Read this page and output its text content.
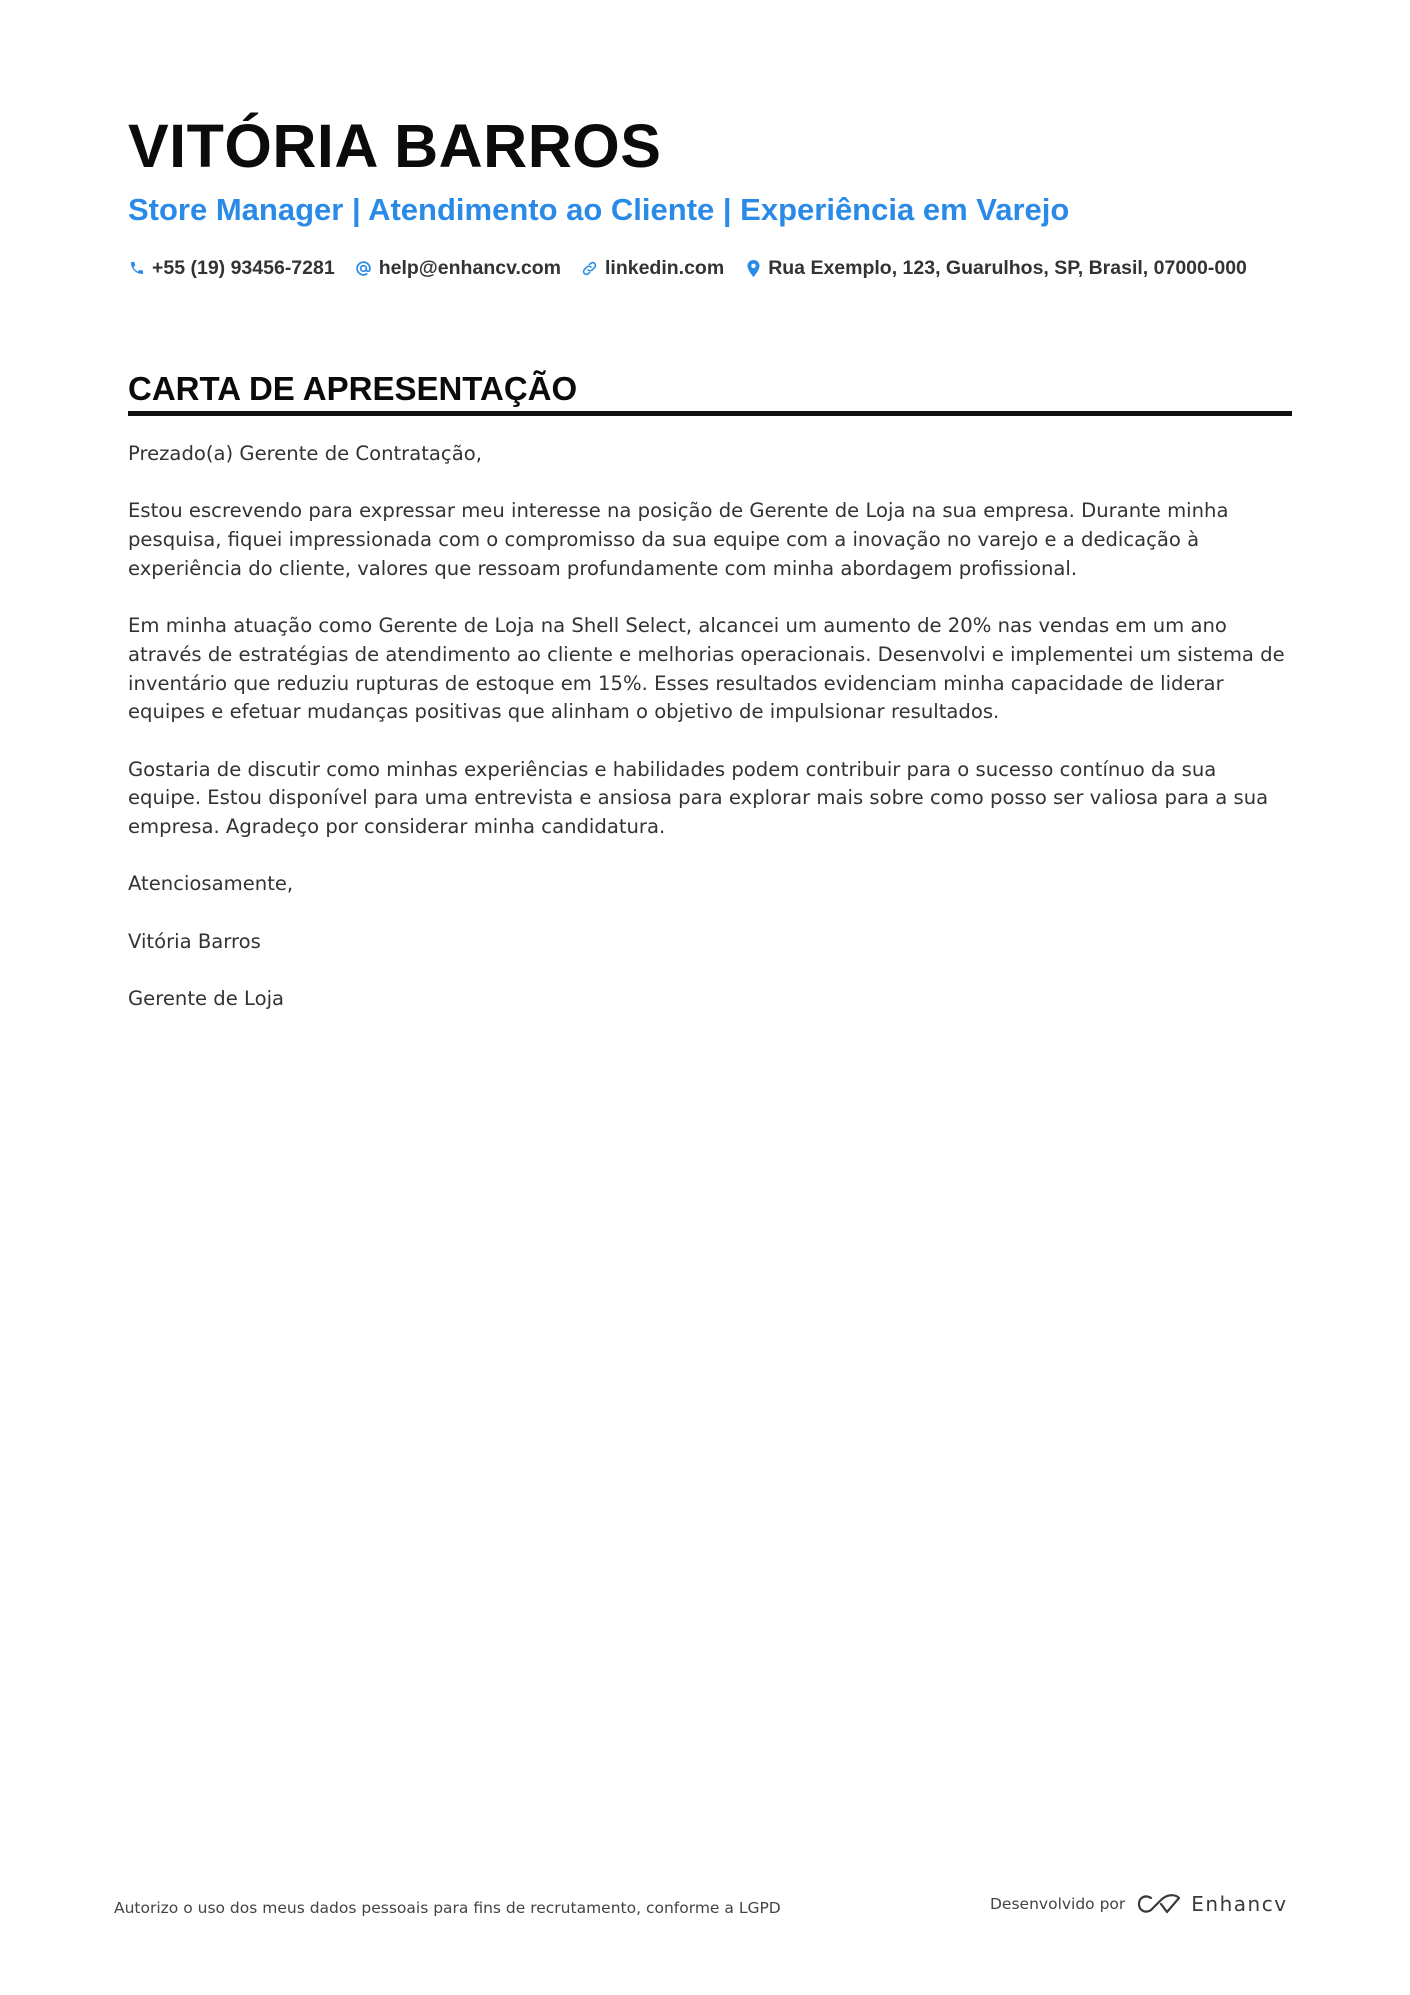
VITÓRIA BARROS
Store Manager | Atendimento ao Cliente | Experiência em Varejo
+55 (19) 93456-7281 help@enhancv.com linkedin.com Rua Exemplo, 123, Guarulhos, SP, Brasil, 07000-000
CARTA DE APRESENTAÇÃO

Prezado(a) Gerente de Contratação,

Estou escrevendo para expressar meu interesse na posição de Gerente de Loja na sua empresa. Durante minha pesquisa, fiquei impressionada com o compromisso da sua equipe com a inovação no varejo e a dedicação à experiência do cliente, valores que ressoam profundamente com minha abordagem profissional.

Em minha atuação como Gerente de Loja na Shell Select, alcancei um aumento de 20% nas vendas em um ano através de estratégias de atendimento ao cliente e melhorias operacionais. Desenvolvi e implementei um sistema de inventário que reduziu rupturas de estoque em 15%. Esses resultados evidenciam minha capacidade de liderar equipes e efetuar mudanças positivas que alinham o objetivo de impulsionar resultados.

Gostaria de discutir como minhas experiências e habilidades podem contribuir para o sucesso contínuo da sua equipe. Estou disponível para uma entrevista e ansiosa para explorar mais sobre como posso ser valiosa para a sua empresa. Agradeço por considerar minha candidatura.

Atenciosamente,

Vitória Barros

Gerente de Loja

Autorizo o uso dos meus dados pessoais para fins de recrutamento, conforme a LGPD	Desenvolvido por	Enhancv
